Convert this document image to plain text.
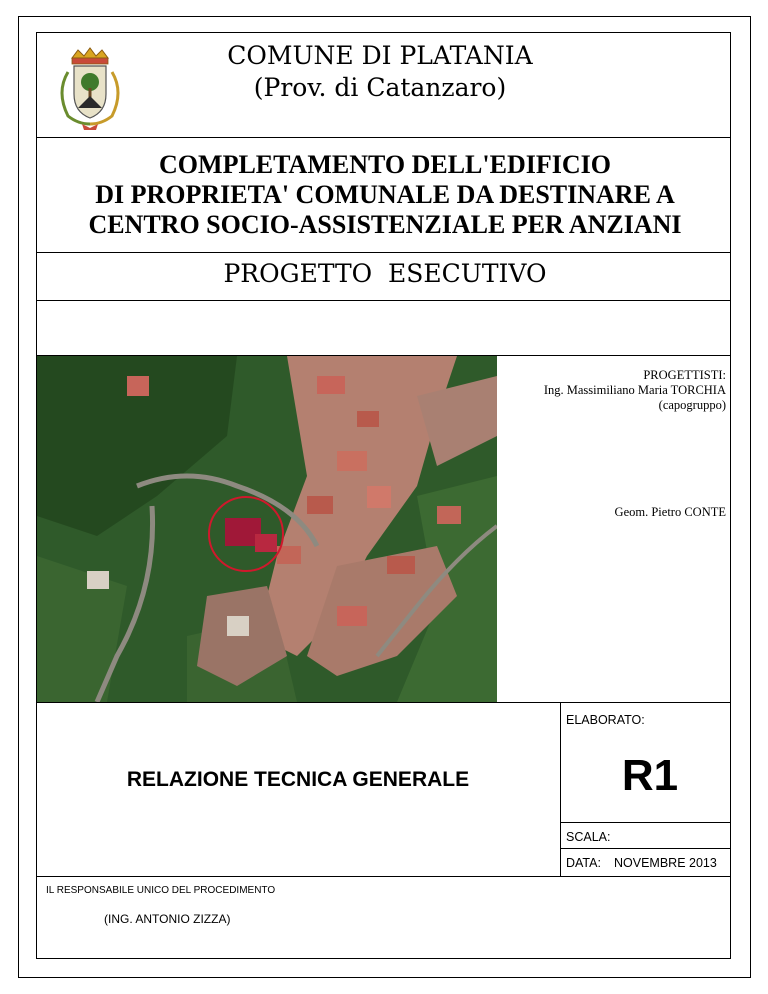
COMUNE DI PLATANIA
(Prov. di Catanzaro)
COMPLETAMENTO DELL'EDIFICIO
DI PROPRIETA' COMUNALE DA DESTINARE A
CENTRO SOCIO-ASSISTENZIALE PER ANZIANI
PROGETTO  ESECUTIVO
PROGETTISTI:
Ing. Massimiliano Maria TORCHIA
(capogruppo)
Geom. Pietro CONTE
RELAZIONE TECNICA GENERALE
ELABORATO:
R1
SCALA:
DATA: NOVEMBRE 2013
IL RESPONSABILE UNICO DEL PROCEDIMENTO
(ING. ANTONIO ZIZZA)
